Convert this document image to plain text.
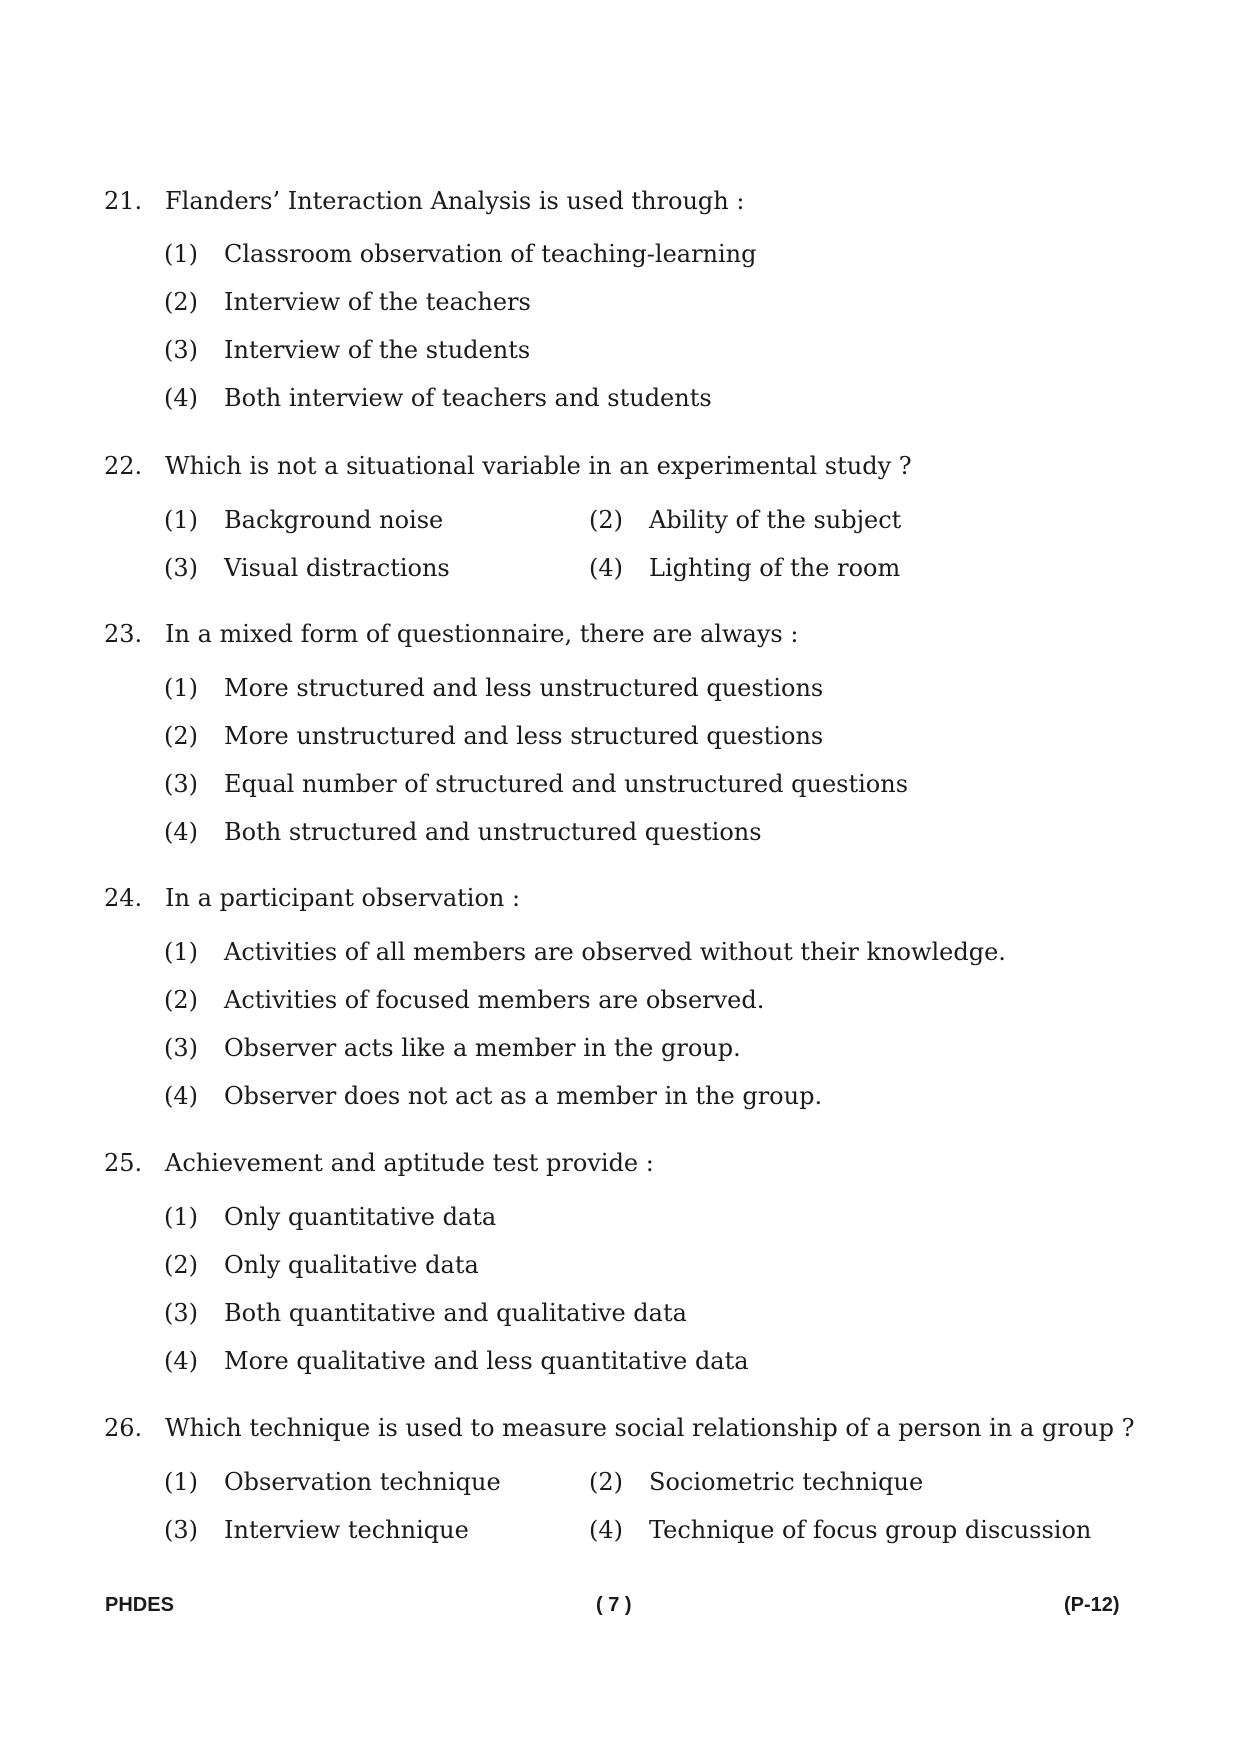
21. Flanders’ Interaction Analysis is used through :
(1) Classroom observation of teaching-learning
(2) Interview of the teachers
(3) Interview of the students
(4) Both interview of teachers and students
22. Which is not a situational variable in an experimental study ?
(1) Background noise	(2) Ability of the subject
(3) Visual distractions	(4) Lighting of the room
23. In a mixed form of questionnaire, there are always :
(1) More structured and less unstructured questions
(2) More unstructured and less structured questions
(3) Equal number of structured and unstructured questions
(4) Both structured and unstructured questions
24. In a participant observation :
(1) Activities of all members are observed without their knowledge.
(2) Activities of focused members are observed.
(3) Observer acts like a member in the group.
(4) Observer does not act as a member in the group.
25. Achievement and aptitude test provide :
(1) Only quantitative data
(2) Only qualitative data
(3) Both quantitative and qualitative data
(4) More qualitative and less quantitative data
26. Which technique is used to measure social relationship of a person in a group ?
(1) Observation technique	(2) Sociometric technique
(3) Interview technique	(4) Technique of focus group discussion
PHDES	( 7 )	(P-12)
